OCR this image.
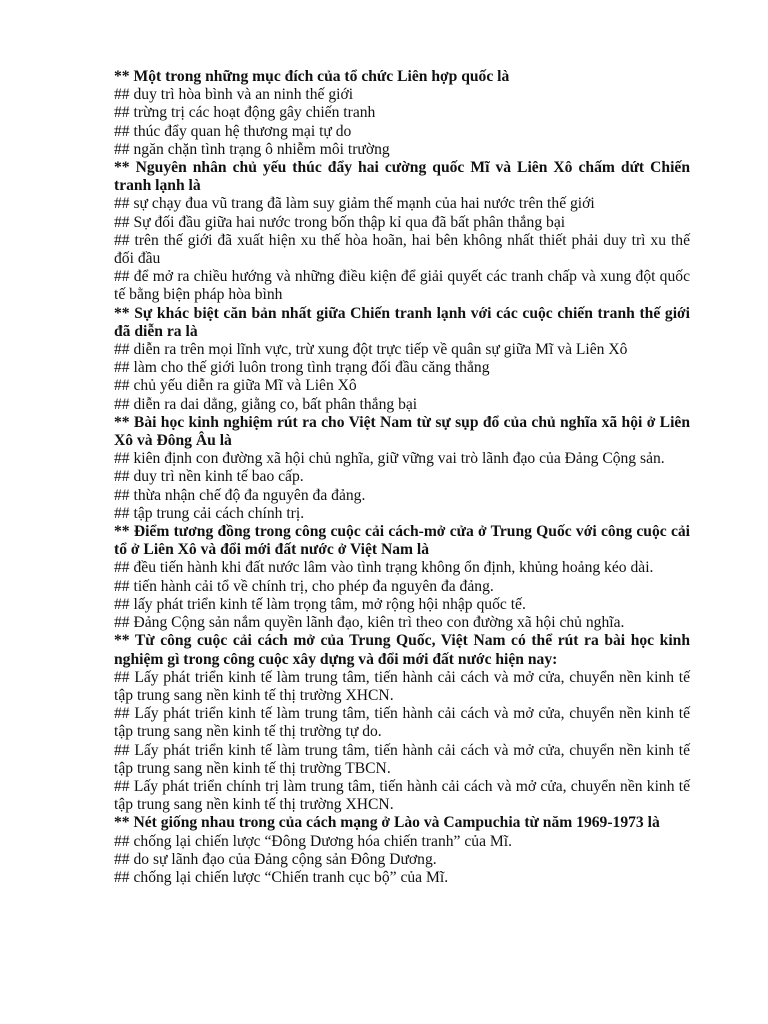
** Một trong những mục đích của tổ chức Liên hợp quốc là

## duy trì hòa bình và an ninh thế giới

## trừng trị các hoạt động gây chiến tranh

## thúc đẩy quan hệ thương mại tự do

## ngăn chặn tình trạng ô nhiễm môi trường

** Nguyên nhân chủ yếu thúc đẩy hai cường quốc Mĩ và Liên Xô chấm dứt Chiến tranh lạnh là

## sự chạy đua vũ trang đã làm suy giảm thế mạnh của hai nước trên thế giới

## Sự đối đầu giữa hai nước trong bốn thập kỉ qua đã bất phân thắng bại

## trên thế giới đã xuất hiện xu thế hòa hoãn, hai bên không nhất thiết phải duy trì xu thế đối đầu

## để mở ra chiều hướng và những điều kiện để giải quyết các tranh chấp và xung đột quốc tế bằng biện pháp hòa bình

** Sự khác biệt căn bản nhất giữa Chiến tranh lạnh với các cuộc chiến tranh thế giới đã diễn ra là

## diễn ra trên mọi lĩnh vực, trừ xung đột trực tiếp về quân sự giữa Mĩ và Liên Xô

## làm cho thế giới luôn trong tình trạng đối đầu căng thẳng

## chủ yếu diễn ra giữa Mĩ và Liên Xô

## diễn ra dai dẳng, giằng co, bất phân thắng bại

** Bài học kinh nghiệm rút ra cho Việt Nam từ sự sụp đổ của chủ nghĩa xã hội ở Liên Xô và Đông Âu là

## kiên định con đường xã hội chủ nghĩa, giữ vững vai trò lãnh đạo của Đảng Cộng sản.

## duy trì nền kinh tế bao cấp.

## thừa nhận chế độ đa nguyên đa đảng.

## tập trung cải cách chính trị.

** Điểm tương đồng trong công cuộc cải cách-mở cửa ở Trung Quốc với công cuộc cải tổ ở Liên Xô và đổi mới đất nước ở Việt Nam là

## đều tiến hành khi đất nước lâm vào tình trạng không ổn định, khủng hoảng kéo dài.

## tiến hành cải tổ về chính trị, cho phép đa nguyên đa đảng.

## lấy phát triển kinh tế làm trọng tâm, mở rộng hội nhập quốc tế.

## Đảng Cộng sản nắm quyền lãnh đạo, kiên trì theo con đường xã hội chủ nghĩa.

** Từ công cuộc cải cách mở của Trung Quốc, Việt Nam có thể rút ra bài học kinh nghiệm gì trong công cuộc xây dựng và đổi mới đất nước hiện nay:

## Lấy phát triển kinh tế làm trung tâm, tiến hành cải cách và mở cửa, chuyển nền kinh tế tập trung sang nền kinh tế thị trường XHCN.

## Lấy phát triển kinh tế làm trung tâm, tiến hành cải cách và mở cửa, chuyển nền kinh tế tập trung sang nền kinh tế thị trường tự do.

## Lấy phát triển kinh tế làm trung tâm, tiến hành cải cách và mở cửa, chuyển nền kinh tế tập trung sang nền kinh tế thị trường TBCN.

## Lấy phát triển chính trị làm trung tâm, tiến hành cải cách và mở cửa, chuyển nền kinh tế tập trung sang nền kinh tế thị trường XHCN.

** Nét giống nhau trong của cách mạng ở Lào và Campuchia từ năm 1969-1973 là

## chống lại chiến lược “Đông Dương hóa chiến tranh” của Mĩ.

## do sự lãnh đạo của Đảng cộng sản Đông Dương.

## chống lại chiến lược “Chiến tranh cục bộ” của Mĩ.
